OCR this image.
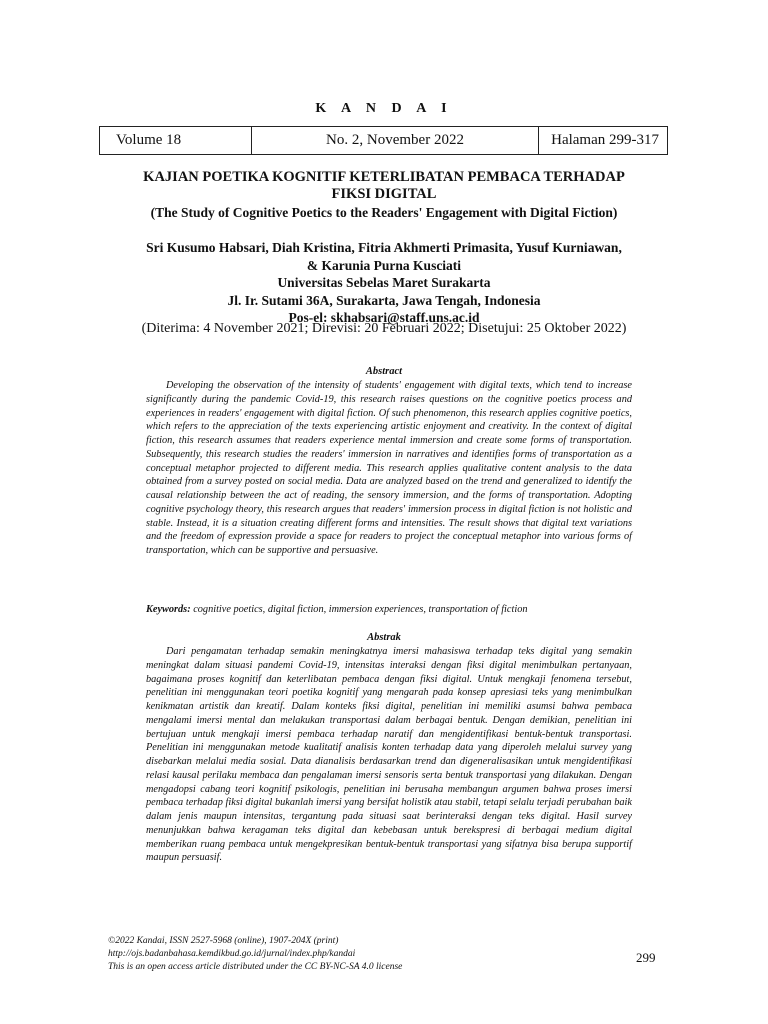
K A N D A I
Volume 18	No. 2, November 2022	Halaman 299-317
KAJIAN POETIKA KOGNITIF KETERLIBATAN PEMBACA TERHADAP
FIKSI DIGITAL
(The Study of Cognitive Poetics to the Readers' Engagement with Digital Fiction)
Sri Kusumo Habsari, Diah Kristina, Fitria Akhmerti Primasita, Yusuf Kurniawan,
& Karunia Purna Kusciati
Universitas Sebelas Maret Surakarta
Jl. Ir. Sutami 36A, Surakarta, Jawa Tengah, Indonesia
Pos-el: skhabsari@staff.uns.ac.id
(Diterima: 4 November 2021; Direvisi: 20 Februari 2022; Disetujui: 25 Oktober 2022)
Abstract
Developing the observation of the intensity of students' engagement with digital texts, which tend to increase significantly during the pandemic Covid-19, this research raises questions on the cognitive poetics process and experiences in readers' engagement with digital fiction. Of such phenomenon, this research applies cognitive poetics, which refers to the appreciation of the texts experiencing artistic enjoyment and creativity. In the context of digital fiction, this research assumes that readers experience mental immersion and create some forms of transportation. Subsequently, this research studies the readers' immersion in narratives and identifies forms of transportation as a conceptual metaphor projected to different media. This research applies qualitative content analysis to the data obtained from a survey posted on social media. Data are analyzed based on the trend and generalized to identify the causal relationship between the act of reading, the sensory immersion, and the forms of transportation. Adopting cognitive psychology theory, this research argues that readers' immersion process in digital fiction is not holistic and stable. Instead, it is a situation creating different forms and intensities. The result shows that digital text variations and the freedom of expression provide a space for readers to project the conceptual metaphor into various forms of transportation, which can be supportive and persuasive.
Keywords: cognitive poetics, digital fiction, immersion experiences, transportation of fiction
Abstrak
Dari pengamatan terhadap semakin meningkatnya imersi mahasiswa terhadap teks digital yang semakin meningkat dalam situasi pandemi Covid-19, intensitas interaksi dengan fiksi digital menimbulkan pertanyaan, bagaimana proses kognitif dan keterlibatan pembaca dengan fiksi digital. Untuk mengkaji fenomena tersebut, penelitian ini menggunakan teori poetika kognitif yang mengarah pada konsep apresiasi teks yang menimbulkan kenikmatan artistik dan kreatif. Dalam konteks fiksi digital, penelitian ini memiliki asumsi bahwa pembaca mengalami imersi mental dan melakukan transportasi dalam berbagai bentuk. Dengan demikian, penelitian ini bertujuan untuk mengkaji imersi pembaca terhadap naratif dan mengidentifikasi bentuk-bentuk transportasi. Penelitian ini menggunakan metode kualitatif analisis konten terhadap data yang diperoleh melalui survey yang disebarkan melalui media sosial. Data dianalisis berdasarkan trend dan digeneralisasikan untuk mengidentifikasi relasi kausal perilaku membaca dan pengalaman imersi sensoris serta bentuk transportasi yang dilakukan. Dengan mengadopsi cabang teori kognitif psikologis, penelitian ini berusaha membangun argumen bahwa proses imersi pembaca terhadap fiksi digital bukanlah imersi yang bersifat holistik atau stabil, tetapi selalu terjadi perubahan baik dalam jenis maupun intensitas, tergantung pada situasi saat berinteraksi dengan teks digital. Hasil survey menunjukkan bahwa keragaman teks digital dan kebebasan untuk berekspresi di berbagai medium digital memberikan ruang pembaca untuk mengekpresikan bentuk-bentuk transportasi yang sifatnya bisa berupa supportif maupun persuasif.
©2022 Kandai, ISSN 2527-5968 (online), 1907-204X (print)
http://ojs.badanbahasa.kemdikbud.go.id/jurnal/index.php/kandai
This is an open access article distributed under the CC BY-NC-SA 4.0 license
299
